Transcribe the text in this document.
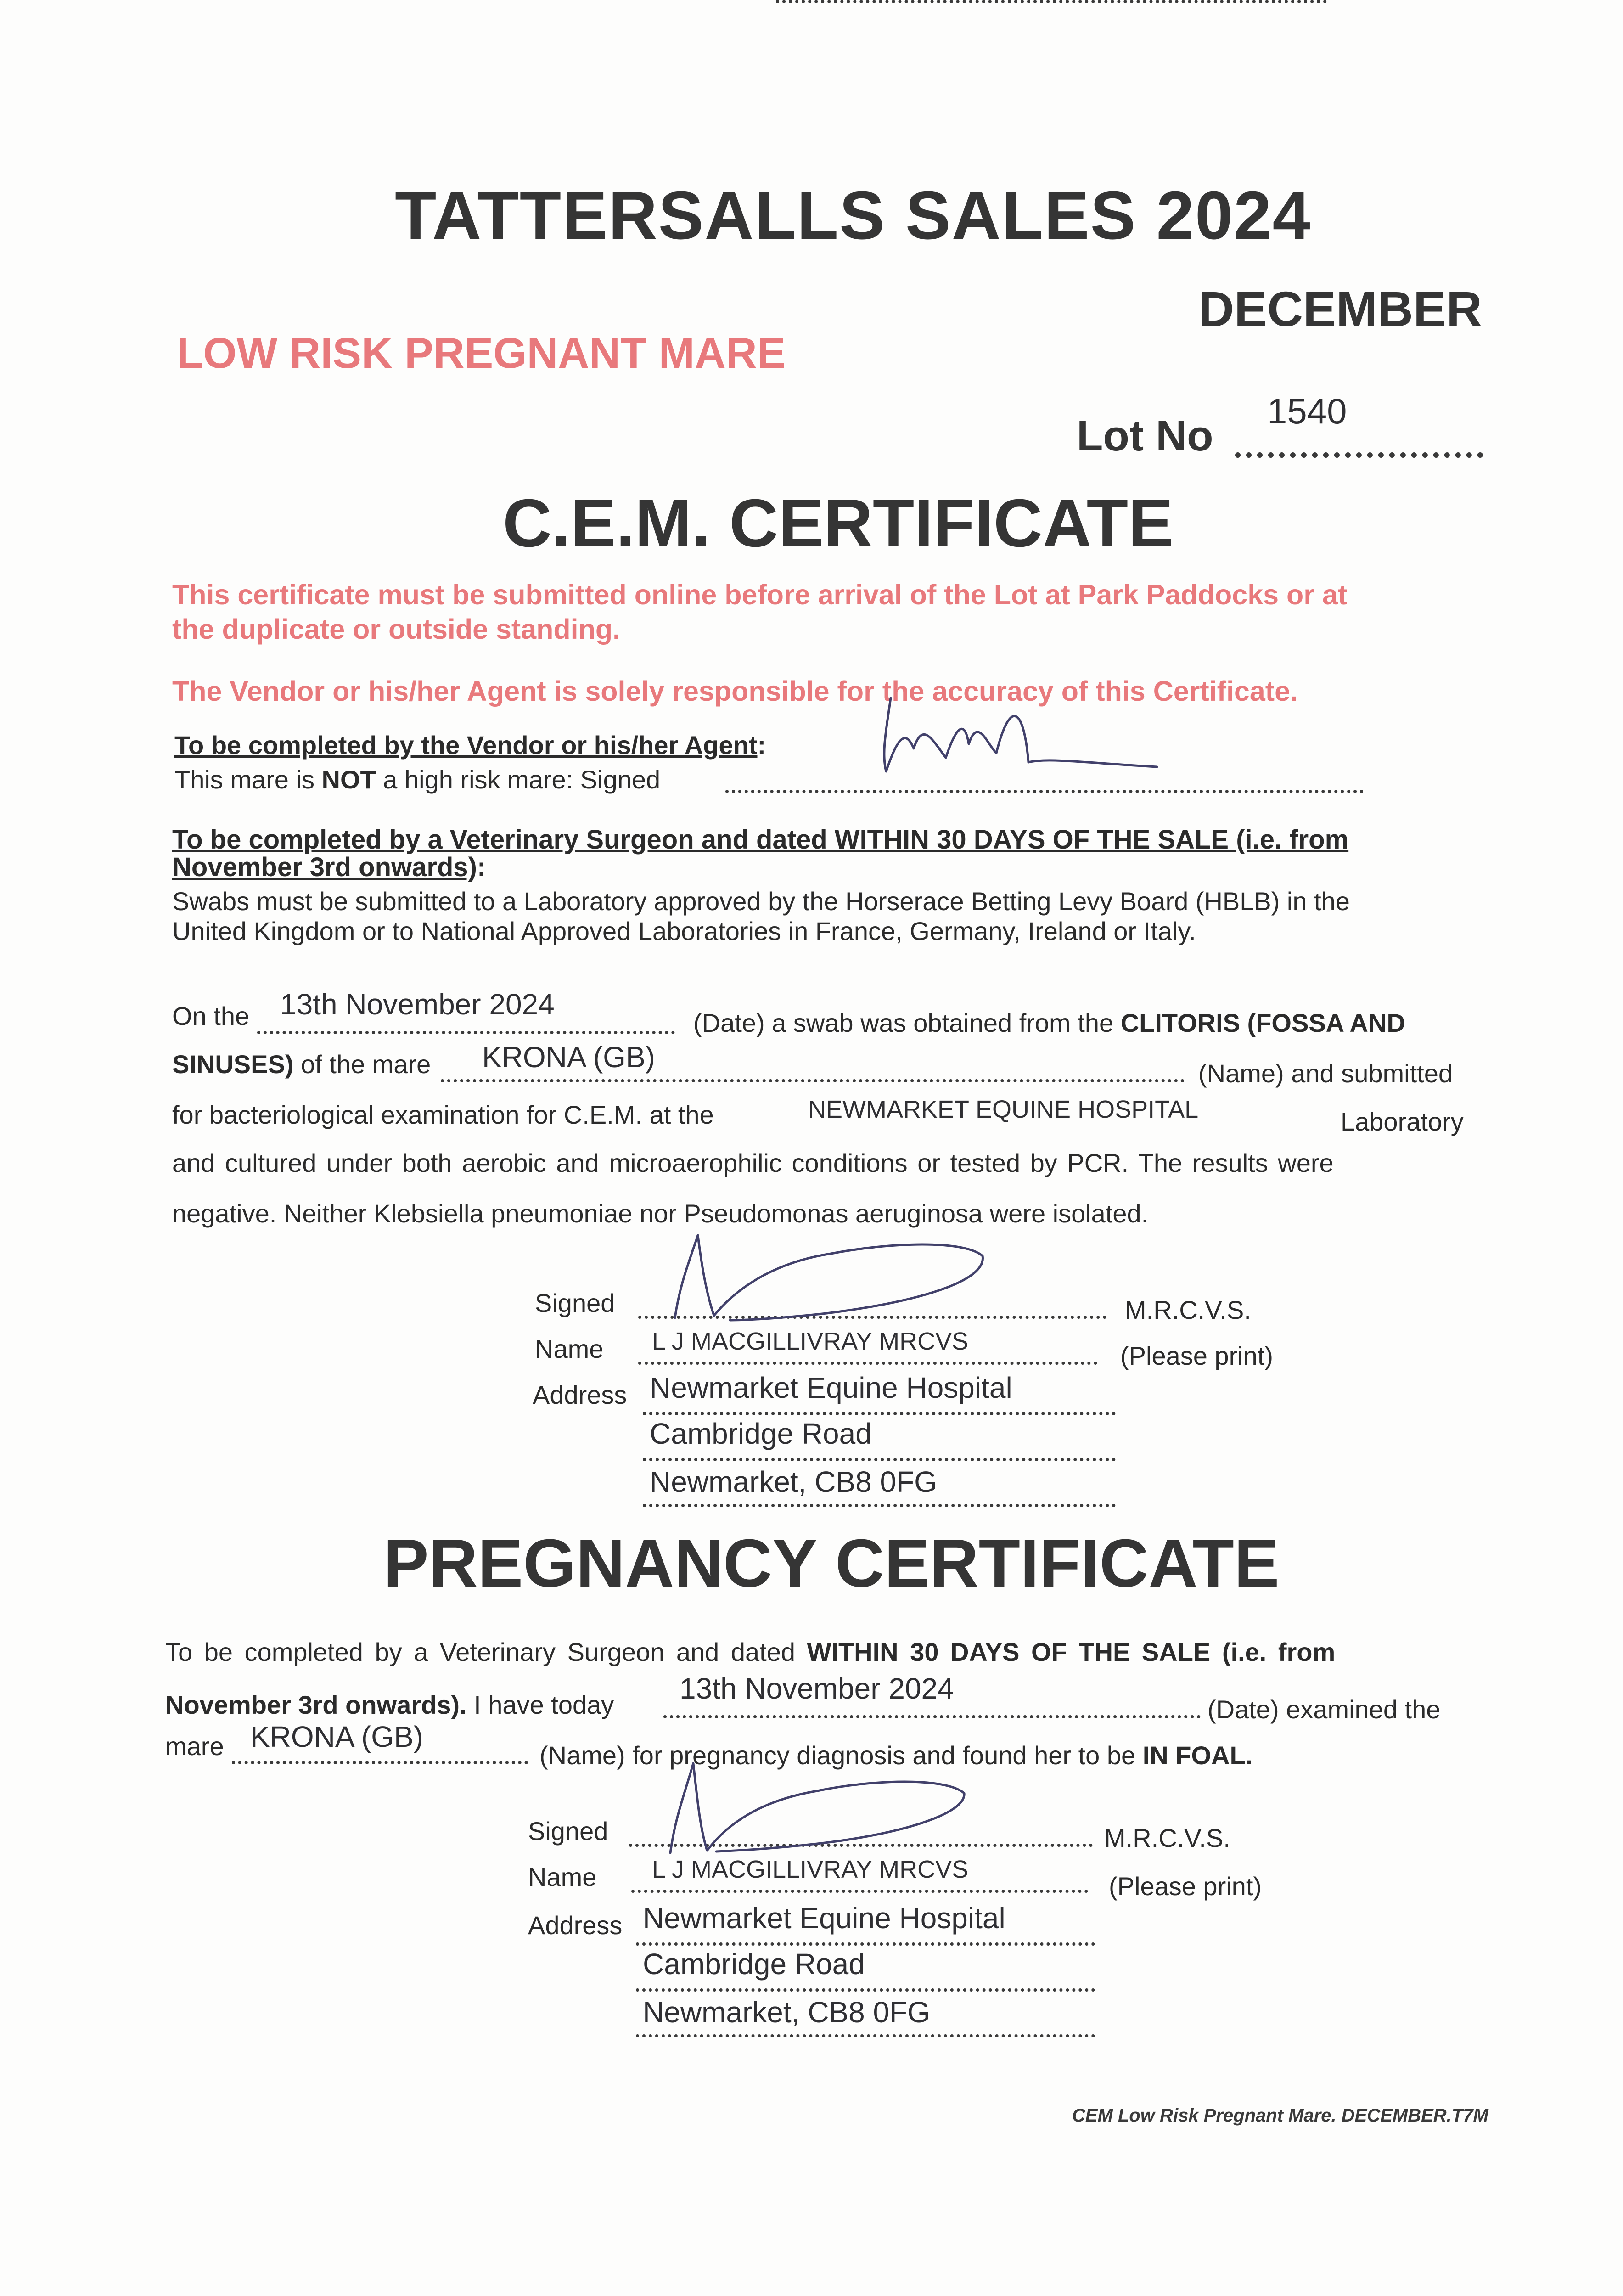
TATTERSALLS SALES 2024
DECEMBER
LOW RISK PREGNANT MARE
Lot No
1540
C.E.M. CERTIFICATE
This certificate must be submitted online before arrival of the Lot at Park Paddocks or at
the duplicate or outside standing.
The Vendor or his/her Agent is solely responsible for the accuracy of this Certificate.
To be completed by the Vendor or his/her Agent:
This mare is NOT a high risk mare: Signed
To be completed by a Veterinary Surgeon and dated WITHIN 30 DAYS OF THE SALE (i.e. from
November 3rd onwards):
Swabs must be submitted to a Laboratory approved by the Horserace Betting Levy Board (HBLB) in the
United Kingdom or to National Approved Laboratories in France, Germany, Ireland or Italy.
On the 13th November 2024
(Date) a swab was obtained from the CLITORIS (FOSSA AND
SINUSES) of the mare KRONA (GB)	(Name) and submitted
for bacteriological examination for C.E.M. at the	NEWMARKET EQUINE HOSPITAL	Laboratory
and cultured under both aerobic and microaerophilic conditions or tested by PCR. The results were
negative. Neither Klebsiella pneumoniae nor Pseudomonas aeruginosa were isolated.
Signed	M.R.C.V.S.
Name L J MACGILLIVRAY MRCVS	(Please print)
Address Newmarket Equine Hospital
Cambridge Road
Newmarket, CB8 0FG
PREGNANCY CERTIFICATE
To be completed by a Veterinary Surgeon and dated WITHIN 30 DAYS OF THE SALE (i.e. from
November 3rd onwards). I have today 13th November 2024
(Date) examined the
mare KRONA (GB)
(Name) for pregnancy diagnosis and found her to be IN FOAL.
Signed	M.R.C.V.S.
Name L J MACGILLIVRAY MRCVS
(Please print)
Address Newmarket Equine Hospital
Cambridge Road
Newmarket, CB8 0FG
CEM Low Risk Pregnant Mare. DECEMBER.T7M
